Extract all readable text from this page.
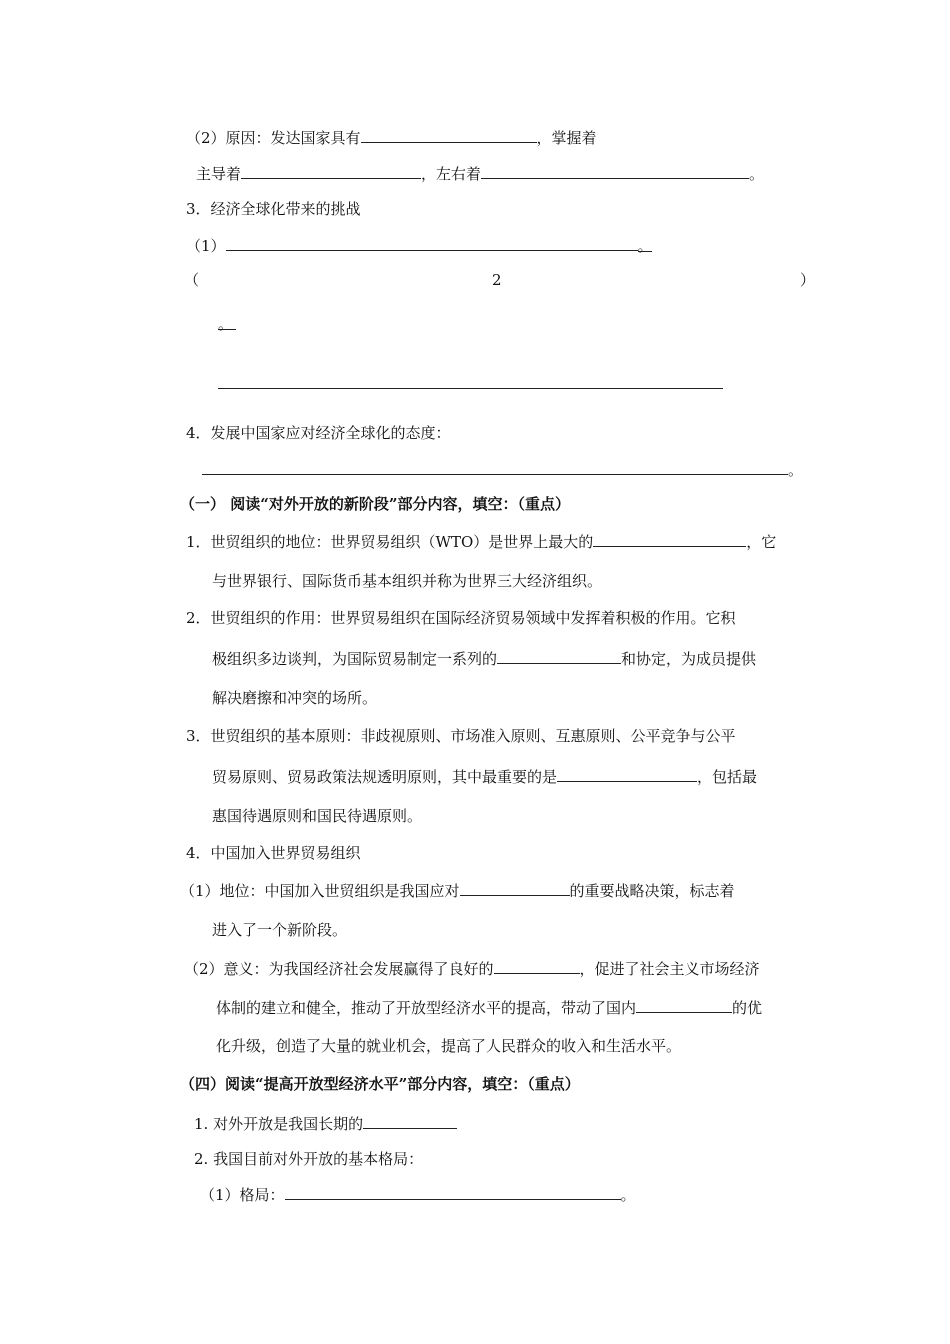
（2）原因：发达国家具有	，掌握着
主导着	，左右着	。
3．经济全球化带来的挑战
（1）	。
（	2	）
。
4．发展中国家应对经济全球化的态度：
。
（一） 阅读“对外开放的新阶段”部分内容，填空：（重点）
1．世贸组织的地位：世界贸易组织（WTO）是世界上最大的	，它
与世界银行、国际货币基本组织并称为世界三大经济组织。
2．世贸组织的作用：世界贸易组织在国际经济贸易领域中发挥着积极的作用。它积
极组织多边谈判，为国际贸易制定一系列的	和协定，为成员提供
解决磨擦和冲突的场所。
3．世贸组织的基本原则：非歧视原则、市场准入原则、互惠原则、公平竞争与公平
贸易原则、贸易政策法规透明原则，其中最重要的是	，包括最
惠国待遇原则和国民待遇原则。
4．中国加入世界贸易组织
（1）地位：中国加入世贸组织是我国应对	的重要战略决策，标志着
进入了一个新阶段。
（2）意义：为我国经济社会发展赢得了良好的	，促进了社会主义市场经济
体制的建立和健全，推动了开放型经济水平的提高，带动了国内	的优
化升级，创造了大量的就业机会，提高了人民群众的收入和生活水平。
（四）阅读“提高开放型经济水平”部分内容，填空：（重点）
1. 对外开放是我国长期的
2. 我国目前对外开放的基本格局：
（1）格局：	。
